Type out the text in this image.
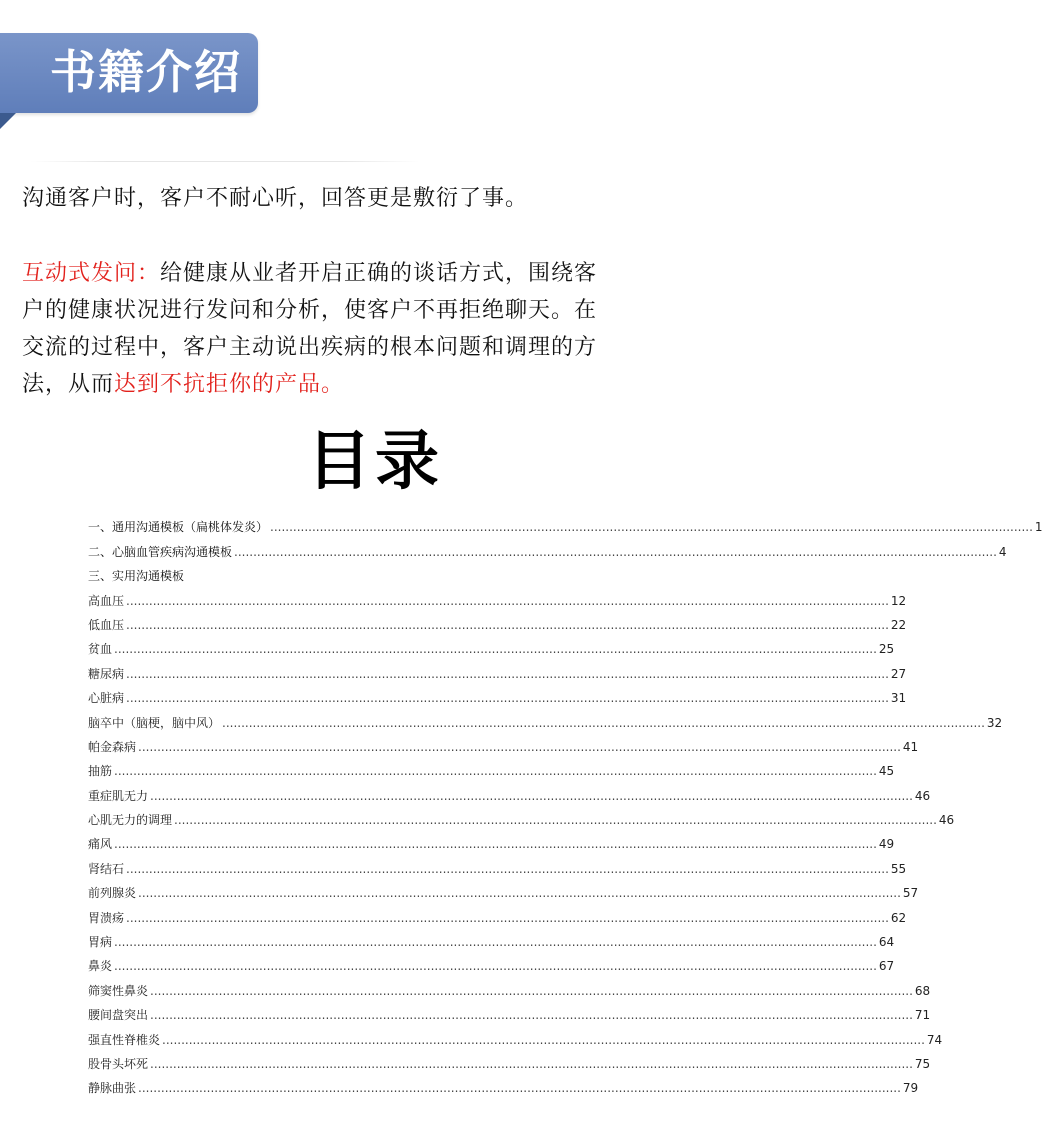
书籍介绍
沟通客户时，客户不耐心听，回答更是敷衍了事。
互动式发问：给健康从业者开启正确的谈话方式，围绕客
户的健康状况进行发问和分析，使客户不再拒绝聊天。在
交流的过程中，客户主动说出疾病的根本问题和调理的方
法，从而达到不抗拒你的产品。
目录
一、通用沟通模板（扁桃体发炎） ........................................................................................................................................................................................................ 1
二、心脑血管疾病沟通模板 ........................................................................................................................................................................................................ 4
三、实用沟通模板
高血压 ........................................................................................................................................................................................................ 12
低血压 ........................................................................................................................................................................................................ 22
贫血 ........................................................................................................................................................................................................ 25
糖尿病 ........................................................................................................................................................................................................ 27
心脏病 ........................................................................................................................................................................................................ 31
脑卒中（脑梗，脑中风） ........................................................................................................................................................................................................ 32
帕金森病 ........................................................................................................................................................................................................ 41
抽筋 ........................................................................................................................................................................................................ 45
重症肌无力 ........................................................................................................................................................................................................ 46
心肌无力的调理 ........................................................................................................................................................................................................ 46
痛风 ........................................................................................................................................................................................................ 49
肾结石 ........................................................................................................................................................................................................ 55
前列腺炎 ........................................................................................................................................................................................................ 57
胃溃疡 ........................................................................................................................................................................................................ 62
胃病 ........................................................................................................................................................................................................ 64
鼻炎 ........................................................................................................................................................................................................ 67
筛窦性鼻炎 ........................................................................................................................................................................................................ 68
腰间盘突出 ........................................................................................................................................................................................................ 71
强直性脊椎炎 ........................................................................................................................................................................................................ 74
股骨头坏死 ........................................................................................................................................................................................................ 75
静脉曲张 ........................................................................................................................................................................................................ 79
